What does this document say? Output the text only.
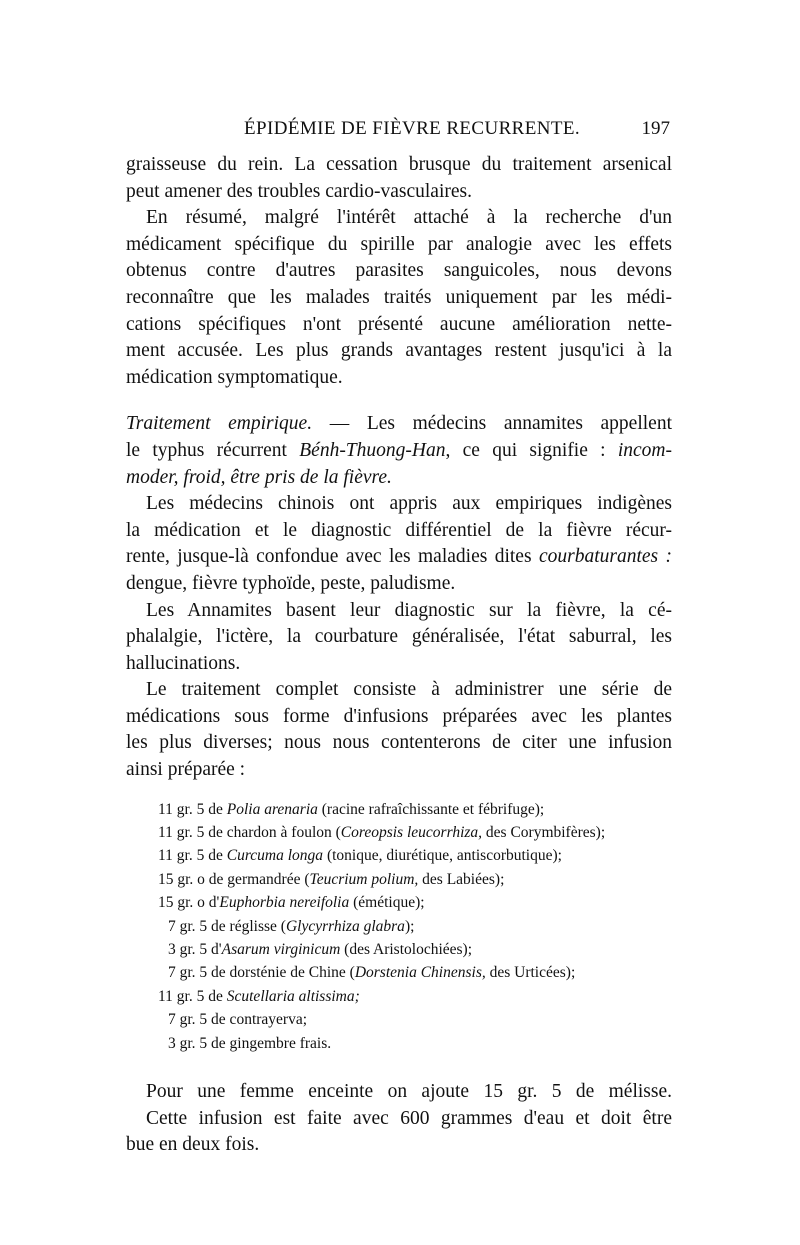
ÉPIDÉMIE DE FIÈVRE RECURRENTE.	197
graisseuse du rein. La cessation brusque du traitement arsenical
peut amener des troubles cardio-vasculaires.
En résumé, malgré l'intérêt attaché à la recherche d'un
médicament spécifique du spirille par analogie avec les effets
obtenus contre d'autres parasites sanguicoles, nous devons
reconnaître que les malades traités uniquement par les médi-
cations spécifiques n'ont présenté aucune amélioration nette-
ment accusée. Les plus grands avantages restent jusqu'ici à la
médication symptomatique.
Traitement empirique. — Les médecins annamites appellent
le typhus récurrent Bénh-Thuong-Han, ce qui signifie : incom-
moder, froid, être pris de la fièvre.
Les médecins chinois ont appris aux empiriques indigènes
la médication et le diagnostic différentiel de la fièvre récur-
rente, jusque-là confondue avec les maladies dites courbaturantes :
dengue, fièvre typhoïde, peste, paludisme.
Les Annamites basent leur diagnostic sur la fièvre, la cé-
phalalgie, l'ictère, la courbature généralisée, l'état saburral, les
hallucinations.
Le traitement complet consiste à administrer une série de
médications sous forme d'infusions préparées avec les plantes
les plus diverses; nous nous contenterons de citer une infusion
ainsi préparée :
11 gr. 5 de Polia arenaria (racine rafraîchissante et fébrifuge);
11 gr. 5 de chardon à foulon (Coreopsis leucorrhiza, des Corymbifères);
11 gr. 5 de Curcuma longa (tonique, diurétique, antiscorbutique);
15 gr. o de germandrée (Teucrium polium, des Labiées);
15 gr. o d'Euphorbia nereifolia (émétique);
7 gr. 5 de réglisse (Glycyrrhiza glabra);
3 gr. 5 d'Asarum virginicum (des Aristolochiées);
7 gr. 5 de dorsténie de Chine (Dorstenia Chinensis, des Urticées);
11 gr. 5 de Scutellaria altissima;
7 gr. 5 de contrayerva;
3 gr. 5 de gingembre frais.
Pour une femme enceinte on ajoute 15 gr. 5 de mélisse.
Cette infusion est faite avec 600 grammes d'eau et doit être
bue en deux fois.
